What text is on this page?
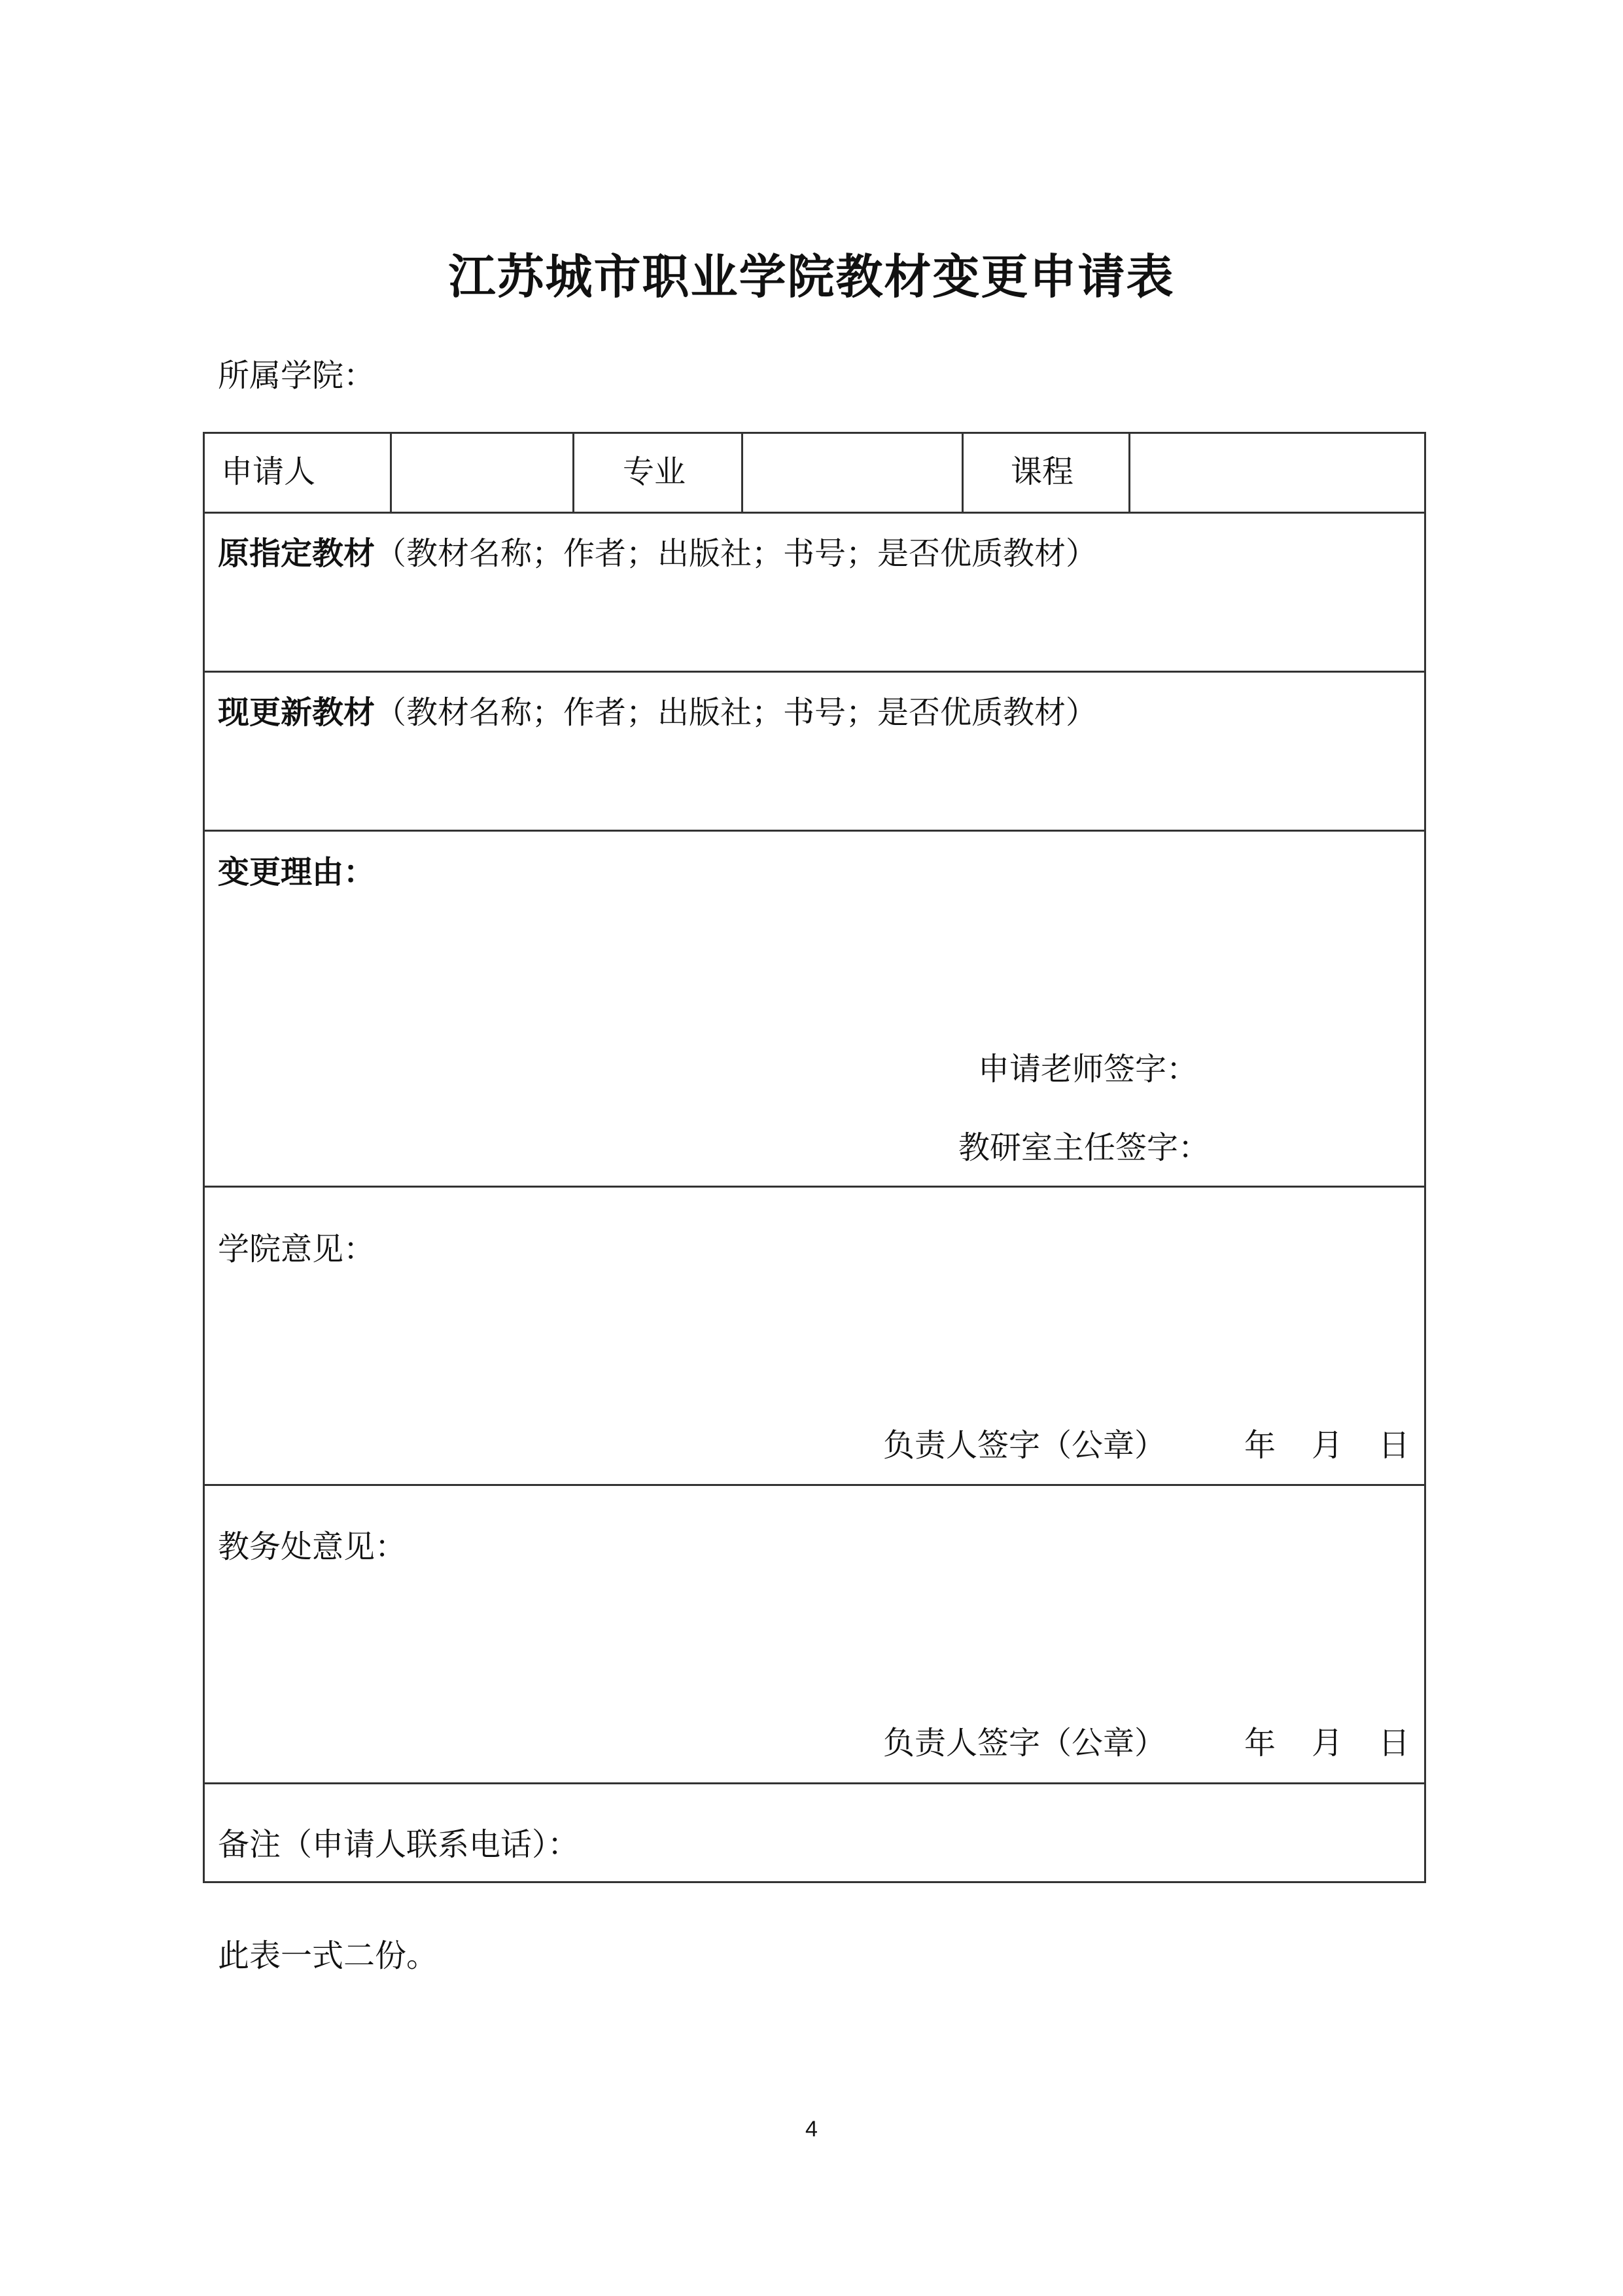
江苏城市职业学院教材变更申请表
所属学院：
申请人	专业	课程
原指定教材（教材名称；作者；出版社；书号；是否优质教材）
现更新教材（教材名称；作者；出版社；书号；是否优质教材）
变更理由：
申请老师签字：
教研室主任签字：
学院意见：
负责人签字（公章） 年 月 日
教务处意见：
负责人签字（公章） 年 月 日
备注（申请人联系电话）：
此表一式二份。
4
